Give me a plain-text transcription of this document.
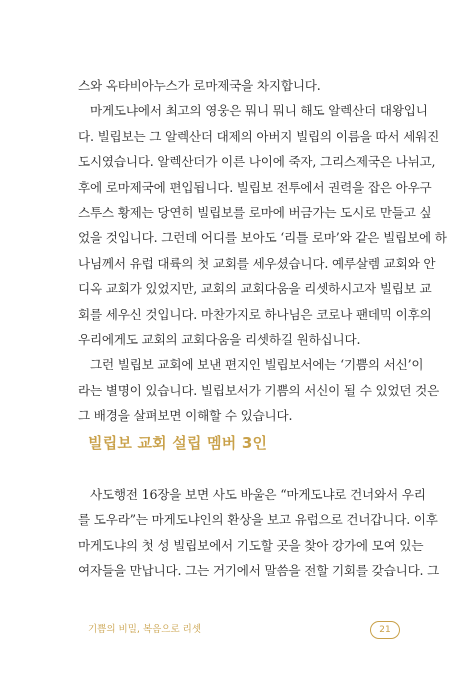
스와 옥타비아누스가 로마제국을 차지합니다.
마게도냐에서 최고의 영웅은 뭐니 뭐니 해도 알렉산더 대왕입니
다. 빌립보는 그 알렉산더 대제의 아버지 빌립의 이름을 따서 세워진
도시였습니다. 알렉산더가 이른 나이에 죽자, 그리스제국은 나뉘고,
후에 로마제국에 편입됩니다. 빌립보 전투에서 권력을 잡은 아우구
스투스 황제는 당연히 빌립보를 로마에 버금가는 도시로 만들고 싶
었을 것입니다. 그런데 어디를 보아도 ‘리틀 로마’와 같은 빌립보에 하
나님께서 유럽 대륙의 첫 교회를 세우셨습니다. 예루살렘 교회와 안
디옥 교회가 있었지만, 교회의 교회다움을 리셋하시고자 빌립보 교
회를 세우신 것입니다. 마찬가지로 하나님은 코로나 팬데믹 이후의
우리에게도 교회의 교회다움을 리셋하길 원하십니다.
그런 빌립보 교회에 보낸 편지인 빌립보서에는 ‘기쁨의 서신’이
라는 별명이 있습니다. 빌립보서가 기쁨의 서신이 될 수 있었던 것은
그 배경을 살펴보면 이해할 수 있습니다.
빌립보 교회 설립 멤버 3인
사도행전 16장을 보면 사도 바울은 “마게도냐로 건너와서 우리
를 도우라”는 마게도냐인의 환상을 보고 유럽으로 건너갑니다. 이후
마게도냐의 첫 성 빌립보에서 기도할 곳을 찾아 강가에 모여 있는
여자들을 만납니다. 그는 거기에서 말씀을 전할 기회를 갖습니다. 그
기쁨의 비밀, 복음으로 리셋	21
